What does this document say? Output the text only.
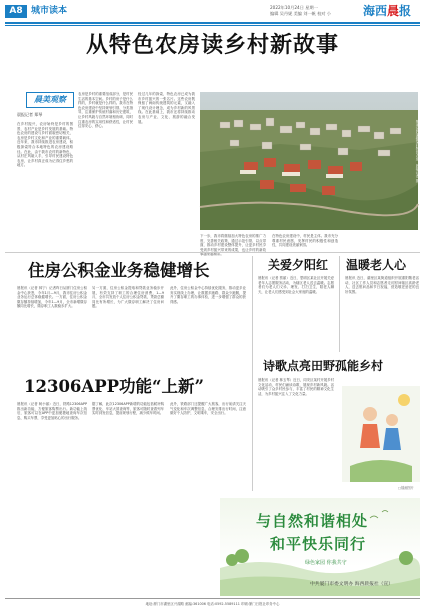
A8 城市读本	2022年10月24日 星期一
编辑 吴丹妮 美编 刘一帆 校对 小	海西晨报
从特色农房读乡村新故事
晨美观察
晨报记者 郑琴
在乡村振兴，农房始终是乡村的图景，农村产业是乡村发展的基础。特色农房的建设与乡村面貌密切相关，农房是乡村文化和产业的重要载体。近年来，我市持续推进农房建设，积极探索符合本地特色的农房建设路径。在此，由于我市农村的新特色，从村庄风貌入手，引导村民建设特色农房，让乡村真正成为记得住乡愁的地方。
农房是乡村的重要组成部分，是村民生活的基本空间。乡村的房子是什么样的，乡村就是什么样的。我市在特色农房建设中坚持规划引领、分类指导，注重保护传统村落和历史建筑，让乡村风貌与自然环境相协调，同时注重农房的实用性和舒适性，让村民住得安心、舒心。
经过几年的探索，特色农房已成为我市乡村振兴的一张名片。这些农房既保留了闽南传统建筑的元素，又融入了现代设计理念，成为乡村新的风景线。在此基础上，我市还将持续推动农房与产业、文化、旅游的融合发展。
下一步，我市将继续加大特色农房的推广力度，完善相关政策，通过示范引领、以点带面，推动乡村建设整体提升，让更多村民享受到乡村振兴带来的成果，也让乡村的新故事越来越精彩。
在特色农房建设中，村民是主体。我市充分尊重村民意愿，发挥村民的积极性和创造性，共同建设美丽家园。
集美区后溪镇某村特色农房，晨报记者 摄
住房公积金业务稳健增长
晨报讯（记者 林宁）记者昨日从厦门住房公积金中心获悉，今年1月—9月，我市住房公积金业务运行总体稳健增长。一方面，住房公积金缴存额持续增加，今年1—9月，全市新增缴存额同比增长，缴存职工人数稳步扩大。
另一方面，住房公积金提取和贷款业务稳步开展，有效支持了职工的合理住房消费，1—9月，全市共发放个人住房公积金贷款，贷款总额同比有所增长，为广大缴存职工解决了住房问题。
此外，住房公积金中心持续优化服务，推动更多业务实现线上办理，让数据多跑路、群众少跑腿，提升了缴存职工的办事体验，进一步增强了群众的获得感。
12306APP功能“上新”
晨报讯（记者 柯小丽）近日，铁路12306APP推出新功能，方便旅客购票出行。新功能上线后，旅客可以在APP中更加便捷地查询车次信息、购买车票，享受更加贴心的出行服务。
据了解，此次12306APP新增的功能包括候补购票优化、车站大屏查询等，旅客可随时查看列车实时到发信息，提前规划行程，减少候车时间。
此外，铁路部门还提醒广大旅客，出行前请关注天气变化和车次调整信息，合理安排出行时间，注意做好个人防护，文明乘车，安全出行。
关爱夕阳红
晨报讯（记者 蔡丽）近日，思明区某社区开展关爱老年人志愿服务活动，为辖区老人送去温暖。志愿者们为老人们义诊、理发、打扫卫生，陪老人聊天，让老人们感受到社会大家庭的温暖。
温暖老人心
晨报讯 近日，湖里区某街道组织开展重阳敬老活动，社区工作人员和志愿者走访慰问辖区高龄老人，送去慰问品和节日祝福，营造敬老爱老的良好氛围。
诗歌点亮田野孤能乡村
晨报讯（记者 林玉琴）近日，同安区某村开展乡村文化活动，村民们诵读诗歌，展现乡村新风貌。活动吸引了众多村民参与，丰富了村民的精神文化生活，为乡村振兴注入了文化力量。
□插画图片
与自然和谐相处
和平快乐同行
绿色家园 你我共守
中共厦门市委文明办 海西晨报社（宣）
地址:厦门市湖里区兴湖路 邮编:361006 电话:0592-5589111 印刷:厦门日报社印务中心
